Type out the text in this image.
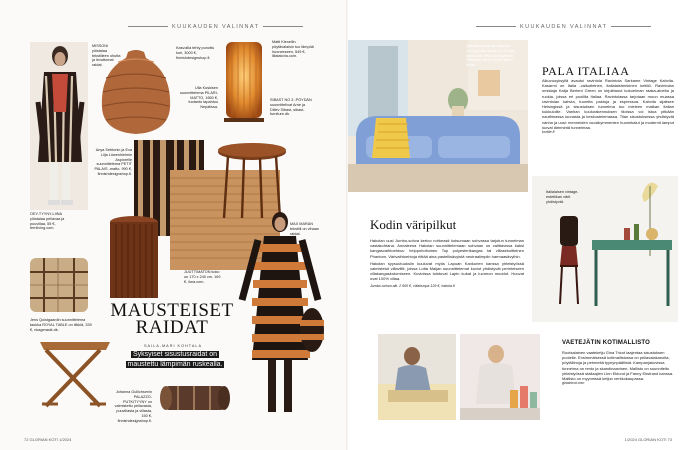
KUUKAUDEN VALINNAT
MISSONI ylöstalaa tekstiileen ohutta ja levottomat raidat.
Kasvoilla tehty punottu kori, 3000 €, finnishdesignshop.fi.
Matti Klenellin pöytävalaisin tuo lämpöä huoneeseen, 549 €, lillalatoria.com.
Ulla Koskisen suunnittelema PILARI-MATTO, 1650 €, tuotanto tapahtuu Nepalissa.
SIBAST NO 3 -PÖYDÄN suunnittelivat Arne ja Ditlev Sibast, sibast-furniture.dk.
Anya Sebtonin ja Eva Lilja Löwenhielmin Aspiorelle suunnittelema PETIT PALAIS -matto, 990 €, finnishdesignshop.fi.
OEY-TYYNY-LIINA ylöstalaa pellavaa ja puuvillaa, 55 €, fernliving.com.
JUUTTIMATON koko on 170 x 240 cm, 169 €, ikea.com.
MAX MARAN tekstiili on vihaan raidat.
Jens Quistgaardin suunnittelema taukka ROYAL TABLE on tiikkiä, 339 €, nkagerasik.dk.
MAUSTEISET RAIDAT
SAILA-MARI KOHTALA
Syksyiset sisustusraidat on maustettu lämpimän ruskealla.
Johanna Gullichsenin PALAZZO-PUTKITYYNY on valmistettu pellavasta, puuvillasta ja villasta, 150 €, finnishdesignshop.fi.
72 GLORIAN KOTI 1/2024
KUUKAUDEN VALINNAT
Kalustevalmistaja Hakolan uusi punottu Aston-tuoli sopii sekä sisä- että ulkokäyttöön. Pehmeät sävyt tuovat tilaan ilmaa.
Kodin väripilkut

Hakolan uusi Jumbo-sohva kertoo rohkeasti kutsumaan sohvassa tarjotun tunnelman vastakohtana. Annaleena Hakolan suunnittelemaan sohvaan on valittavissa kaksi kangasvaihtoehtoa: helppohoitoinen Top polyesterikangas tai villasekoitteinen Phantom. Värivaihtoehtoja riittää aina pastellisävyistä neutraalimpiin harmaasävyihin.

Hakolan syysuutuuksiin kuuluvat myös Lapuan Kankurien kanssa yhteistyössä valmistetut villaviltit, joissa Lotta Maijan suunnittelemat kuviot yhdistyvät perinteiseen villakangaskutomiseen. Kuvioissa toistuvat Lapin kukat ja luonnon muodot. Huovat ovat 100% villaa.

Jumbo-sohva alk. 2 600 €, villahuopa 129 €, hakola.fi

PALA ITALIAA
Alkuvuoyksyllä avautui ravintola Ravintola Sarkame Vintage Kahvila. Kasarmi on Italia -vaikutteinen, italialaishenkinen keittiö. Ravintolan omistaja Katja Berteni Green on kirjoittanut kokoelman raaka-aineita ja ruokia, joissa eri puolilta Italiaa. Ravintolassa tarjotaan muun muassa ravintolan kahvia, tuoreita pastoja ja espressoa. Kahvila sijaitsee Helsingissä ja sisustuksen tunnelma tuo mieleen matkan Italian kukkuloille. Vanhan koulurakennuksen tiloissa voi istua pitkään nauttimassa lounasta ja keskustelemassa. Tilan sisustuksessa yhdistyvät vanha ja uusi: menneiden vuosikymmenten huonekalut ja modernit lamput luovat lämmintä tunnelmaa.
kortile.fi
Italialaisen vintage-estetiikan värit yhdistyvät.
VAETEJÄTIN KOTIMALLISTO
Ruotsalainen vaateketju Gina Tricot laajentaa sisustuksen puolelle. Ensimmäisessä kotimallistossa on pellavalakanoita, pöytäliinoja ja pehmeitä tyynynpäällisiä. Kampanjakuvissa tunnelma on rento ja skandinaavinen. Mallisto on suunniteltu yhteistyössä stailaajien Linn Eklund ja Fanny Ekstrand kanssa. Mallisto on myynnissä ketjun verkkokaupassa.
ginatricot.com
1/2024 GLORIAN KOTI 73
